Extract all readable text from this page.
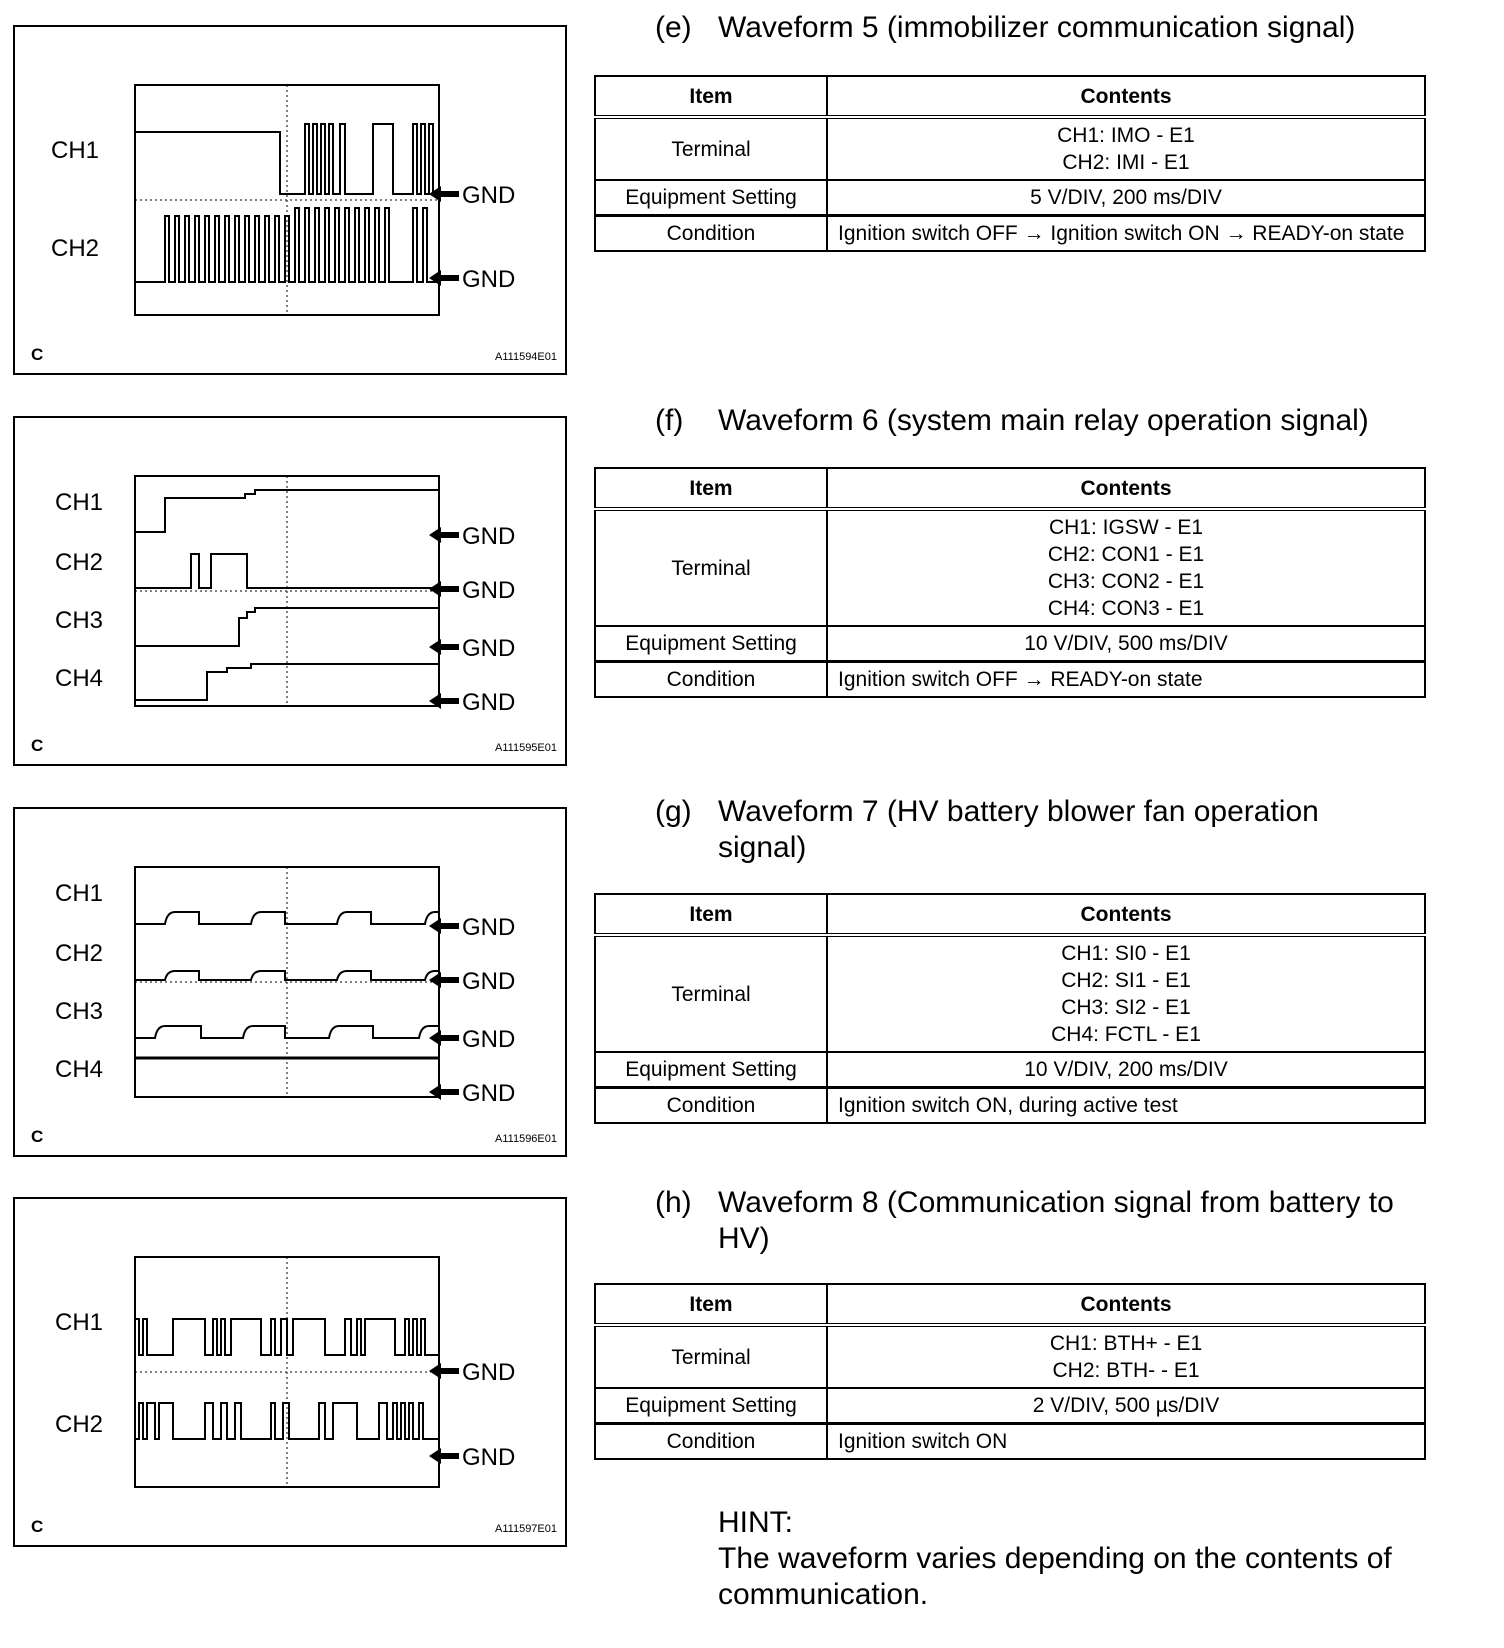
CH1
CH2
GND
GND
C	A111594E01
(e) Waveform 5 (immobilizer communication signal)
Item	Contents
Terminal	CH1: IMO - E1
CH2: IMI - E1

Equipment Setting	5 V/DIV, 200 ms/DIV
Condition	Ignition switch OFF → Ignition switch ON → READY-on state
CH1
CH2
CH3
CH4
GND
GND
GND
GND
C	A111595E01
(f) Waveform 6 (system main relay operation signal)
Item	Contents
Terminal	CH1: IGSW - E1
CH2: CON1 - E1
CH3: CON2 - E1
CH4: CON3 - E1

Equipment Setting	10 V/DIV, 500 ms/DIV
Condition	Ignition switch OFF → READY-on state
CH1
CH2
CH3
CH4
GND
GND
GND
GND
C	A111596E01
(g) Waveform 7 (HV battery blower fan operation signal)
Item	Contents
Terminal	CH1: SI0 - E1
CH2: SI1 - E1
CH3: SI2 - E1
CH4: FCTL - E1

Equipment Setting	10 V/DIV, 200 ms/DIV
Condition	Ignition switch ON, during active test
CH1
CH2
GND
GND
C	A111597E01
(h) Waveform 8 (Communication signal from battery to HV)
Item	Contents
Terminal	CH1: BTH+ - E1
CH2: BTH- - E1

Equipment Setting	2 V/DIV, 500 µs/DIV
Condition	Ignition switch ON
HINT:
The waveform varies depending on the contents of communication.
